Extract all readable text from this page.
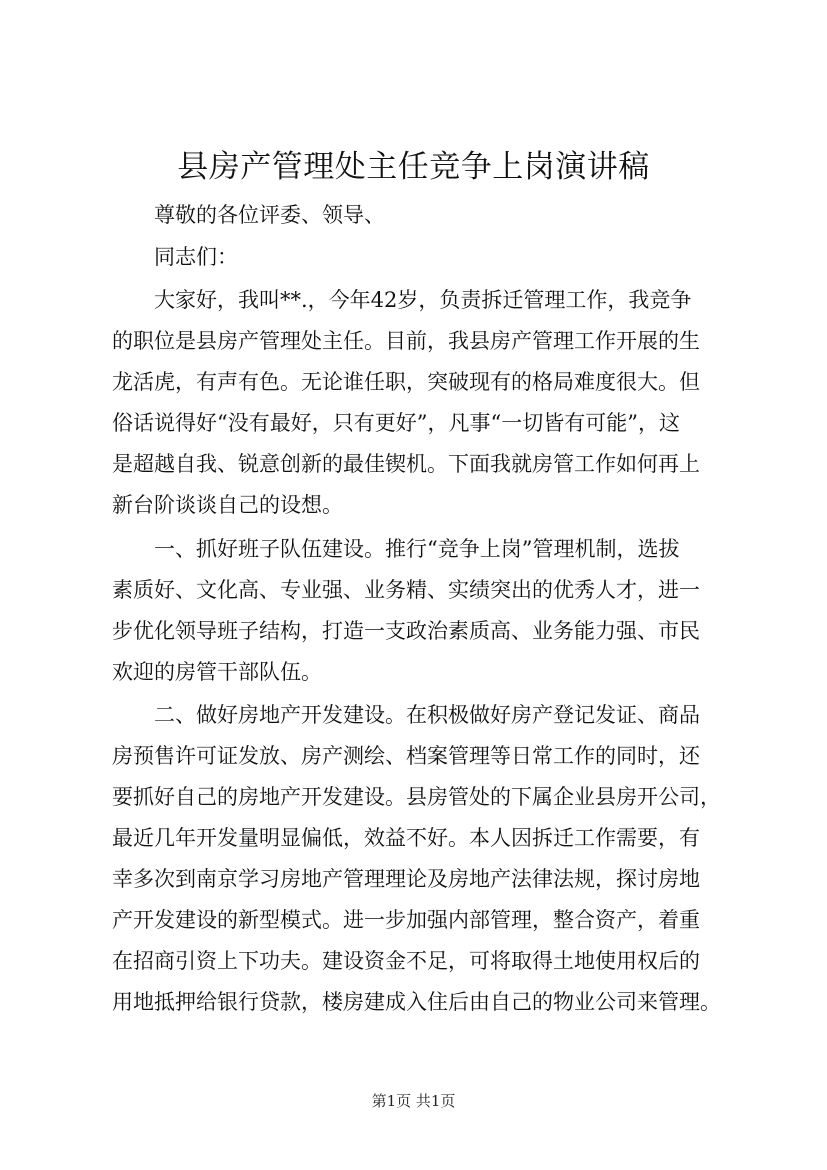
县房产管理处主任竞争上岗演讲稿
尊敬的各位评委、领导、
同志们：
大家好，我叫**.，今年42岁，负责拆迁管理工作，我竞争
的职位是县房产管理处主任。目前，我县房产管理工作开展的生
龙活虎，有声有色。无论谁任职，突破现有的格局难度很大。但
俗话说得好“没有最好，只有更好”，凡事“一切皆有可能”，这
是超越自我、锐意创新的最佳锲机。下面我就房管工作如何再上
新台阶谈谈自己的设想。
一、抓好班子队伍建设。推行“竞争上岗”管理机制，选拔
素质好、文化高、专业强、业务精、实绩突出的优秀人才，进一
步优化领导班子结构，打造一支政治素质高、业务能力强、市民
欢迎的房管干部队伍。
二、做好房地产开发建设。在积极做好房产登记发证、商品
房预售许可证发放、房产测绘、档案管理等日常工作的同时，还
要抓好自己的房地产开发建设。县房管处的下属企业县房开公司，
最近几年开发量明显偏低，效益不好。本人因拆迁工作需要，有
幸多次到南京学习房地产管理理论及房地产法律法规，探讨房地
产开发建设的新型模式。进一步加强内部管理，整合资产，着重
在招商引资上下功夫。建设资金不足，可将取得土地使用权后的
用地抵押给银行贷款，楼房建成入住后由自己的物业公司来管理。
第1页 共1页
